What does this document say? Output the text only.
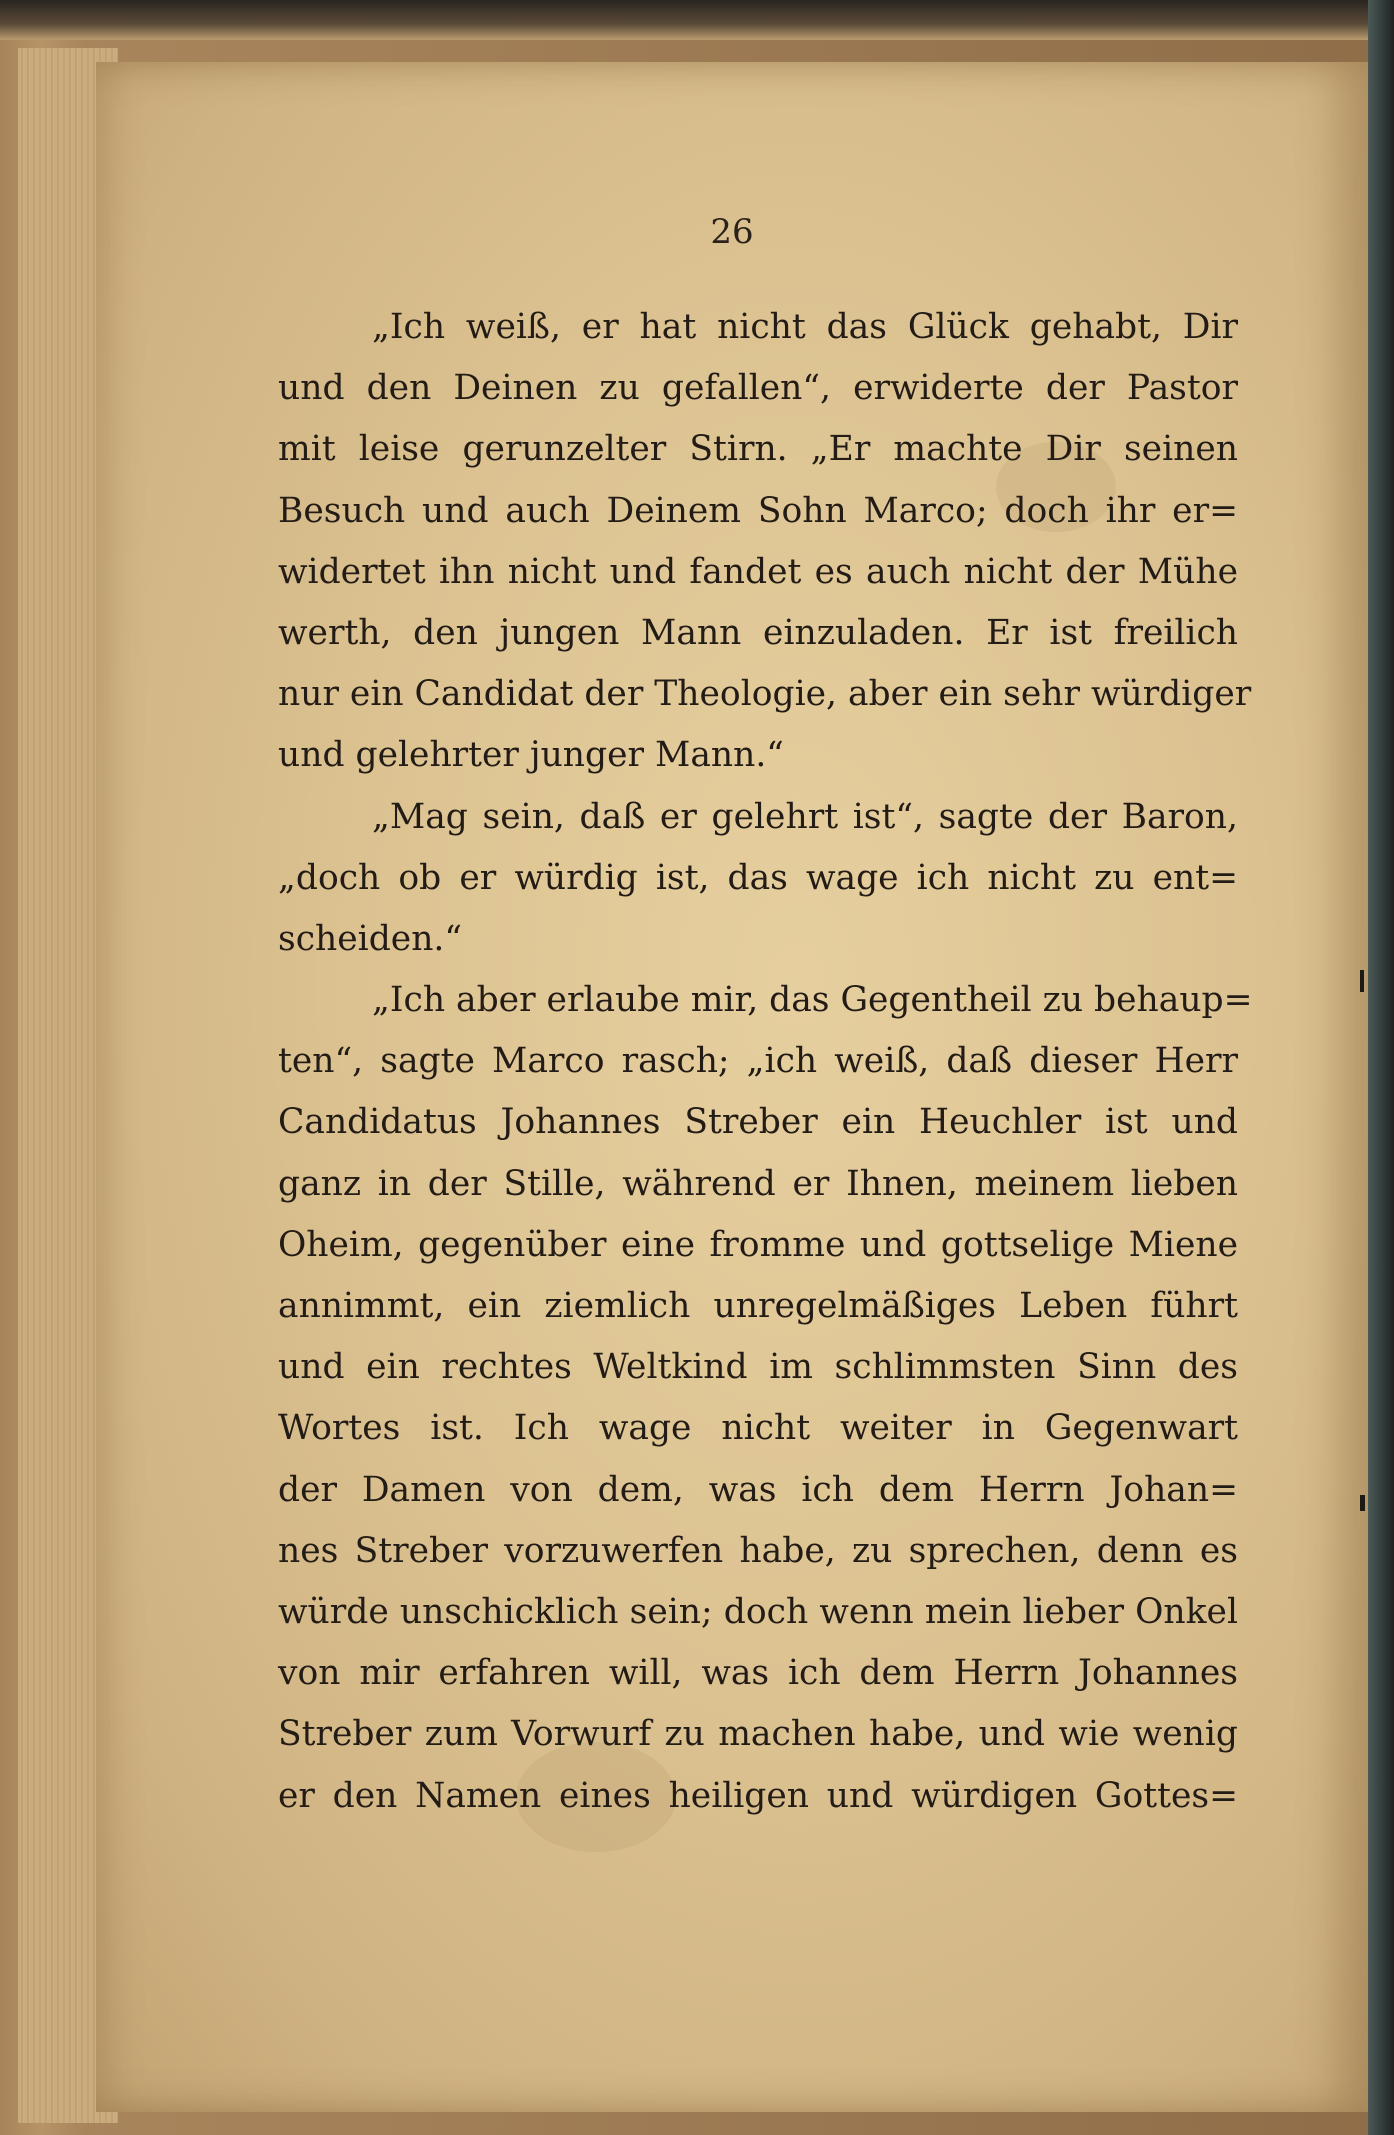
26
„Ich weiß, er hat nicht das Glück gehabt, Dir
und den Deinen zu gefallen“, erwiderte der Pastor
mit leise gerunzelter Stirn. „Er machte Dir seinen
Besuch und auch Deinem Sohn Marco; doch ihr er=
widertet ihn nicht und fandet es auch nicht der Mühe
werth, den jungen Mann einzuladen. Er ist freilich
nur ein Candidat der Theologie, aber ein sehr würdiger
und gelehrter junger Mann.“
„Mag sein, daß er gelehrt ist“, sagte der Baron,
„doch ob er würdig ist, das wage ich nicht zu ent=
scheiden.“
„Ich aber erlaube mir, das Gegentheil zu behaup=
ten“, sagte Marco rasch; „ich weiß, daß dieser Herr
Candidatus Johannes Streber ein Heuchler ist und
ganz in der Stille, während er Ihnen, meinem lieben
Oheim, gegenüber eine fromme und gottselige Miene
annimmt, ein ziemlich unregelmäßiges Leben führt
und ein rechtes Weltkind im schlimmsten Sinn des
Wortes ist. Ich wage nicht weiter in Gegenwart
der Damen von dem, was ich dem Herrn Johan=
nes Streber vorzuwerfen habe, zu sprechen, denn es
würde unschicklich sein; doch wenn mein lieber Onkel
von mir erfahren will, was ich dem Herrn Johannes
Streber zum Vorwurf zu machen habe, und wie wenig
er den Namen eines heiligen und würdigen Gottes=
